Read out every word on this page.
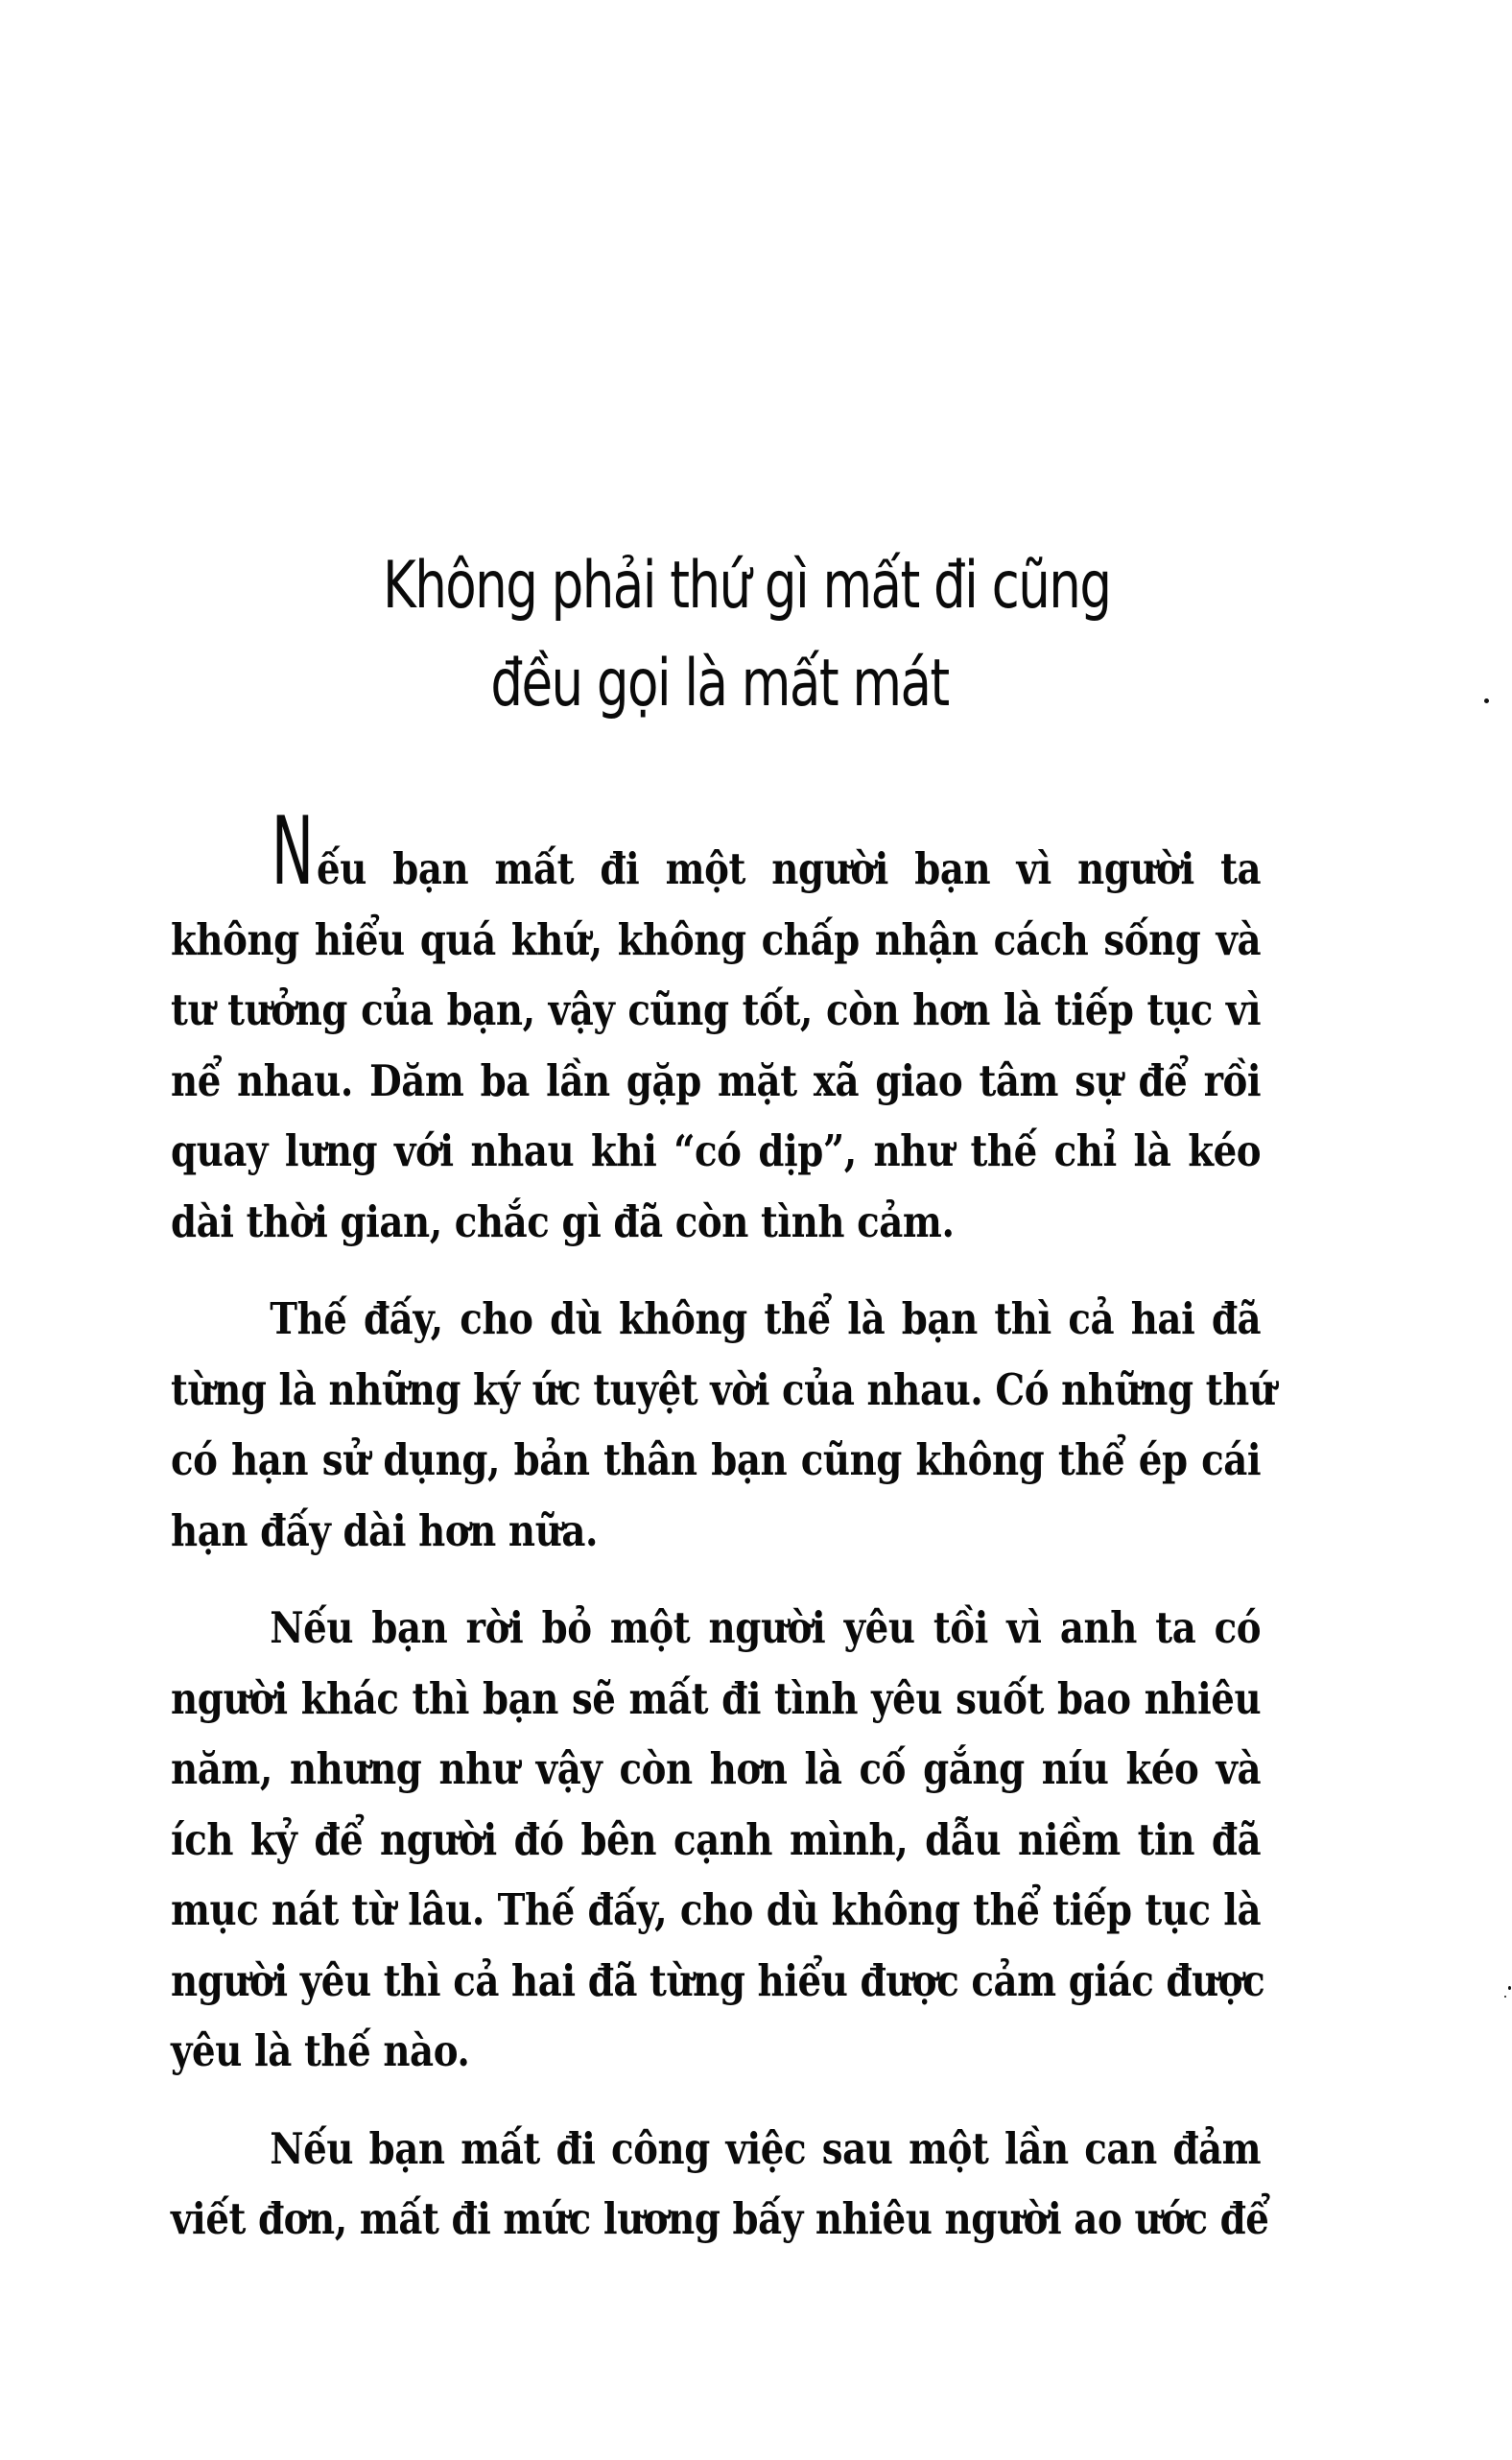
Không phải thứ gì mất đi cũng
đều gọi là mất mát
Nếu bạn mất đi một người bạn vì người ta
không hiểu quá khứ, không chấp nhận cách sống và
tư tưởng của bạn, vậy cũng tốt, còn hơn là tiếp tục vì
nể nhau. Dăm ba lần gặp mặt xã giao tâm sự để rồi
quay lưng với nhau khi “có dịp”, như thế chỉ là kéo
dài thời gian, chắc gì đã còn tình cảm.
Thế đấy, cho dù không thể là bạn thì cả hai đã
từng là những ký ức tuyệt vời của nhau. Có những thứ
có hạn sử dụng, bản thân bạn cũng không thể ép cái
hạn đấy dài hơn nữa.
Nếu bạn rời bỏ một người yêu tồi vì anh ta có
người khác thì bạn sẽ mất đi tình yêu suốt bao nhiêu
năm, nhưng như vậy còn hơn là cố gắng níu kéo và
ích kỷ để người đó bên cạnh mình, dẫu niềm tin đã
mục nát từ lâu. Thế đấy, cho dù không thể tiếp tục là
người yêu thì cả hai đã từng hiểu được cảm giác được
yêu là thế nào.
Nếu bạn mất đi công việc sau một lần can đảm
viết đơn, mất đi mức lương bấy nhiêu người ao ước để
